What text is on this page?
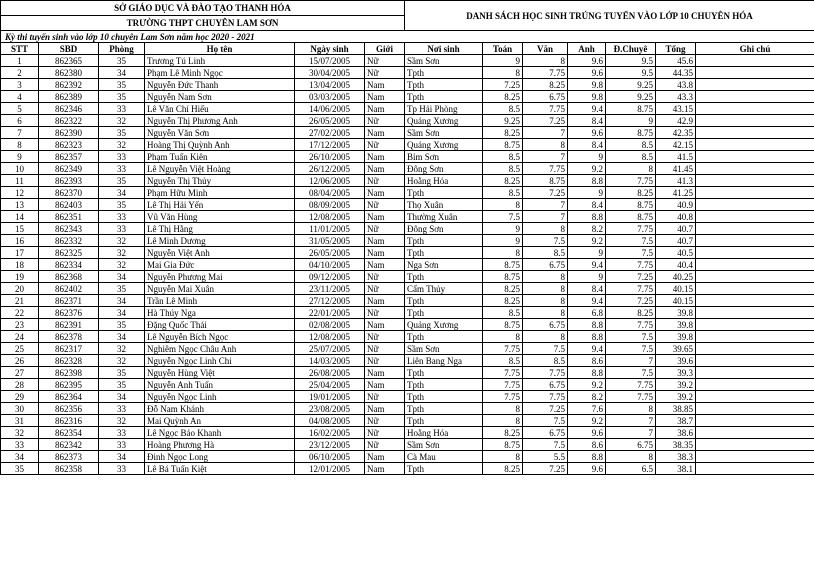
SỞ GIÁO DỤC VÀ ĐÀO TẠO THANH HÓA						DANH SÁCH HỌC SINH TRÚNG TUYỂN VÀO LỚP 10 CHUYÊN HÓA						
TRƯỜNG THPT CHUYÊN LAM SƠN												
Kỳ thi tuyển sinh vào lớp 10 chuyên Lam Sơn năm học 2020 - 2021												
STT	SBD	Phòng	Họ tên	Ngày sinh	Giới	Nơi sinh	Toán	Văn	Anh	Đ.Chuyê	Tổng	Ghi chú
1	862365	35	Trương Tú Linh	15/07/2005	Nữ	Sầm Sơn	9	8	9.6	9.5	45.6	
2	862380	34	Phạm Lê Minh Ngọc	30/04/2005	Nữ	Tpth	8	7.75	9.6	9.5	44.35	
3	862392	35	Nguyễn Đức Thanh	13/04/2005	Nam	Tpth	7.25	8.25	9.8	9.25	43.8	
4	862389	35	Nguyễn Nam Sơn	03/03/2005	Nam	Tpth	8.25	6.75	9.8	9.25	43.3	
5	862346	33	Lê Văn Chí Hiếu	14/06/2005	Nam	Tp Hải Phòng	8.5	7.75	9.4	8.75	43.15	
6	862322	32	Nguyễn Thị Phương Anh	26/05/2005	Nữ	Quảng Xương	9.25	7.25	8.4	9	42.9	
7	862390	35	Nguyễn Văn Sơn	27/02/2005	Nam	Sầm Sơn	8.25	7	9.6	8.75	42.35	
8	862323	32	Hoàng Thị Quỳnh Anh	17/12/2005	Nữ	Quảng Xương	8.75	8	8.4	8.5	42.15	
9	862357	33	Phạm Tuấn Kiên	26/10/2005	Nam	Bỉm Sơn	8.5	7	9	8.5	41.5	
10	862349	33	Lê Nguyễn Việt Hoàng	26/12/2005	Nam	Đông Sơn	8.5	7.75	9.2	8	41.45	
11	862393	35	Nguyễn Thị Thủy	12/06/2005	Nữ	Hoằng Hóa	8.25	8.75	8.8	7.75	41.3	
12	862370	34	Phạm Hữu Minh	08/04/2005	Nam	Tpth	8.5	7.25	9	8.25	41.25	
13	862403	35	Lê Thị Hải Yến	08/09/2005	Nữ	Thọ Xuân	8	7	8.4	8.75	40.9	
14	862351	33	Vũ Văn Hùng	12/08/2005	Nam	Thường Xuân	7.5	7	8.8	8.75	40.8	
15	862343	33	Lê Thị Hằng	11/01/2005	Nữ	Đông Sơn	9	8	8.2	7.75	40.7	
16	862332	32	Lê Minh Dương	31/05/2005	Nam	Tpth	9	7.5	9.2	7.5	40.7	
17	862325	32	Nguyễn Việt Anh	26/05/2005	Nam	Tpth	8	8.5	9	7.5	40.5	
18	862334	32	Mai Gia Đức	04/10/2005	Nam	Nga Sơn	8.75	6.75	9.4	7.75	40.4	
19	862368	34	Nguyễn Phương Mai	09/12/2005	Nữ	Tpth	8.75	8	9	7.25	40.25	
20	862402	35	Nguyễn Mai Xuân	23/11/2005	Nữ	Cẩm Thủy	8.25	8	8.4	7.75	40.15	
21	862371	34	Trần Lê Minh	27/12/2005	Nam	Tpth	8.25	8	9.4	7.25	40.15	
22	862376	34	Hà Thúy Nga	22/01/2005	Nữ	Tpth	8.5	8	6.8	8.25	39.8	
23	862391	35	Đặng Quốc Thái	02/08/2005	Nam	Quảng Xương	8.75	6.75	8.8	7.75	39.8	
24	862378	34	Lê Nguyễn Bích Ngọc	12/08/2005	Nữ	Tpth	8	8	8.8	7.5	39.8	
25	862317	32	Nghiêm Ngọc Châu Anh	25/07/2005	Nữ	Sầm Sơn	7.75	7.5	9.4	7.5	39.65	
26	862328	32	Nguyễn Ngọc Linh Chi	14/03/2005	Nữ	Liên Bang Nga	8.5	8.5	8.6	7	39.6	
27	862398	35	Nguyễn Hùng Việt	26/08/2005	Nam	Tpth	7.75	7.75	8.8	7.5	39.3	
28	862395	35	Nguyễn Anh Tuấn	25/04/2005	Nam	Tpth	7.75	6.75	9.2	7.75	39.2	
29	862364	34	Nguyễn Ngọc Linh	19/01/2005	Nữ	Tpth	7.75	7.75	8.2	7.75	39.2	
30	862356	33	Đỗ Nam Khánh	23/08/2005	Nam	Tpth	8	7.25	7.6	8	38.85	
31	862316	32	Mai Quỳnh An	04/08/2005	Nữ	Tpth	8	7.5	9.2	7	38.7	
32	862354	33	Lê Ngọc Bảo Khanh	16/02/2005	Nữ	Hoằng Hóa	8.25	6.75	9.6	7	38.6	
33	862342	33	Hoàng Phương Hà	23/12/2005	Nữ	Sầm Sơn	8.75	7.5	8.6	6.75	38.35	
34	862373	34	Đinh Ngọc Long	06/10/2005	Nam	Cà Mau	8	5.5	8.8	8	38.3	
35	862358	33	Lê Bá Tuấn Kiệt	12/01/2005	Nam	Tpth	8.25	7.25	9.6	6.5	38.1	
